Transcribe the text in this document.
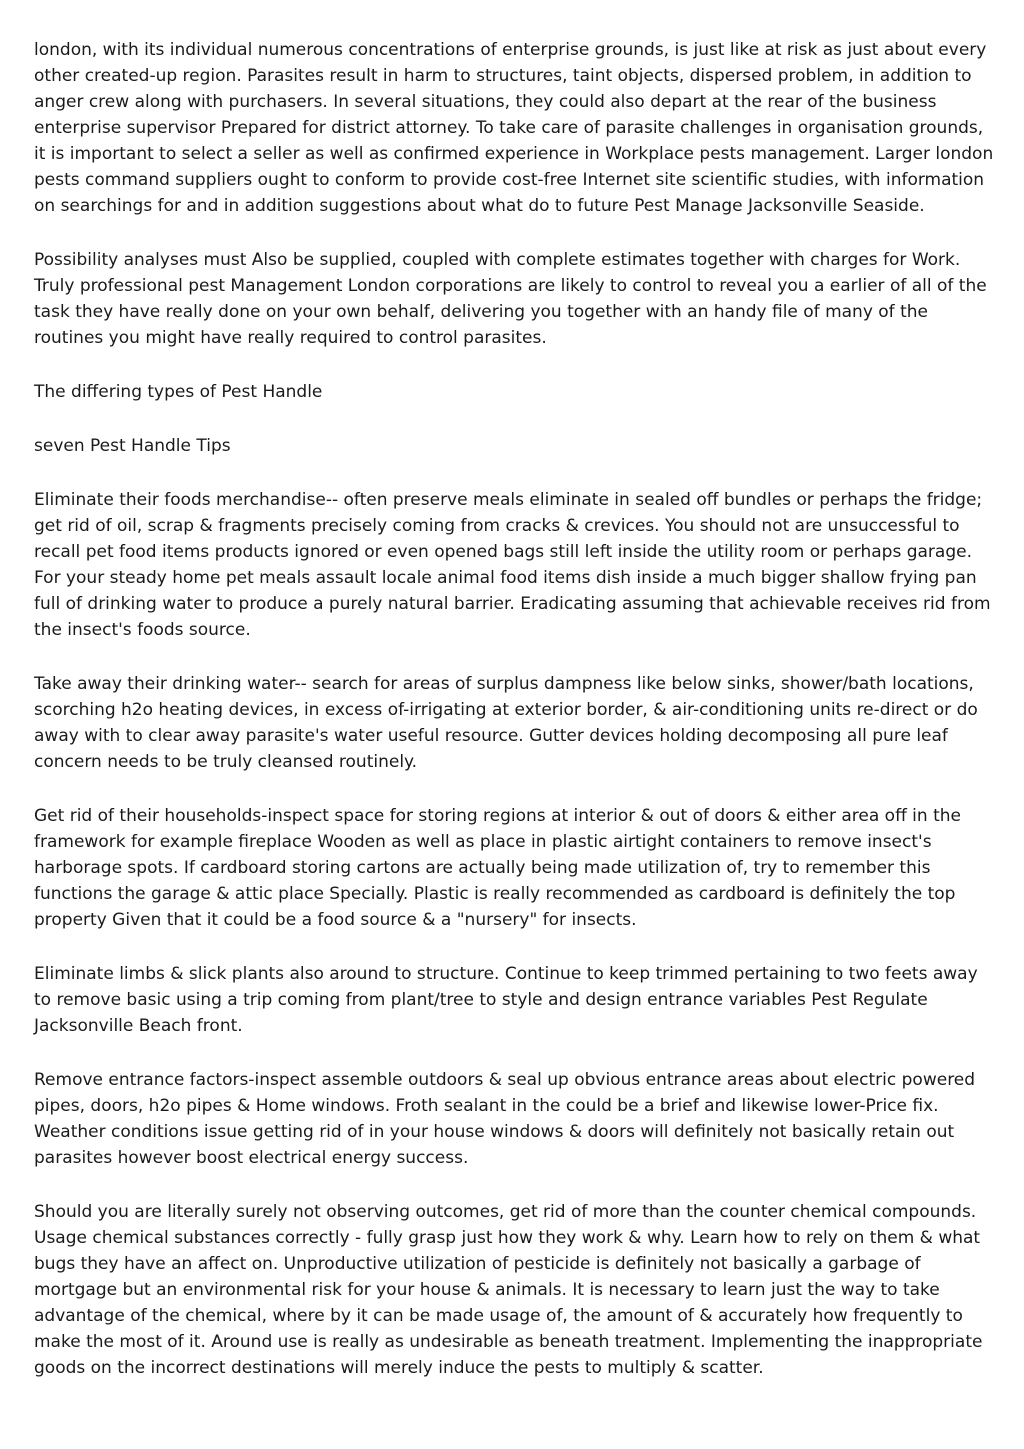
london, with its individual numerous concentrations of enterprise grounds, is just like at risk as just about every other created-up region. Parasites result in harm to structures, taint objects, dispersed problem, in addition to anger crew along with purchasers. In several situations, they could also depart at the rear of the business enterprise supervisor Prepared for district attorney. To take care of parasite challenges in organisation grounds, it is important to select a seller as well as confirmed experience in Workplace pests management. Larger london pests command suppliers ought to conform to provide cost-free Internet site scientific studies, with information on searchings for and in addition suggestions about what do to future Pest Manage Jacksonville Seaside.

Possibility analyses must Also be supplied, coupled with complete estimates together with charges for Work. Truly professional pest Management London corporations are likely to control to reveal you a earlier of all of the task they have really done on your own behalf, delivering you together with an handy file of many of the routines you might have really required to control parasites.

The differing types of Pest Handle

seven Pest Handle Tips

Eliminate their foods merchandise-- often preserve meals eliminate in sealed off bundles or perhaps the fridge; get rid of oil, scrap & fragments precisely coming from cracks & crevices. You should not are unsuccessful to recall pet food items products ignored or even opened bags still left inside the utility room or perhaps garage. For your steady home pet meals assault locale animal food items dish inside a much bigger shallow frying pan full of drinking water to produce a purely natural barrier. Eradicating assuming that achievable receives rid from the insect's foods source.

Take away their drinking water-- search for areas of surplus dampness like below sinks, shower/bath locations, scorching h2o heating devices, in excess of-irrigating at exterior border, & air-conditioning units re-direct or do away with to clear away parasite's water useful resource. Gutter devices holding decomposing all pure leaf concern needs to be truly cleansed routinely.

Get rid of their households-inspect space for storing regions at interior & out of doors & either area off in the framework for example fireplace Wooden as well as place in plastic airtight containers to remove insect's harborage spots. If cardboard storing cartons are actually being made utilization of, try to remember this functions the garage & attic place Specially. Plastic is really recommended as cardboard is definitely the top property Given that it could be a food source & a "nursery" for insects.

Eliminate limbs & slick plants also around to structure. Continue to keep trimmed pertaining to two feets away to remove basic using a trip coming from plant/tree to style and design entrance variables Pest Regulate Jacksonville Beach front.

Remove entrance factors-inspect assemble outdoors & seal up obvious entrance areas about electric powered pipes, doors, h2o pipes & Home windows. Froth sealant in the could be a brief and likewise lower-Price fix. Weather conditions issue getting rid of in your house windows & doors will definitely not basically retain out parasites however boost electrical energy success.

Should you are literally surely not observing outcomes, get rid of more than the counter chemical compounds. Usage chemical substances correctly - fully grasp just how they work & why. Learn how to rely on them & what bugs they have an affect on. Unproductive utilization of pesticide is definitely not basically a garbage of mortgage but an environmental risk for your house & animals. It is necessary to learn just the way to take advantage of the chemical, where by it can be made usage of, the amount of & accurately how frequently to make the most of it. Around use is really as undesirable as beneath treatment. Implementing the inappropriate goods on the incorrect destinations will merely induce the pests to multiply & scatter.
